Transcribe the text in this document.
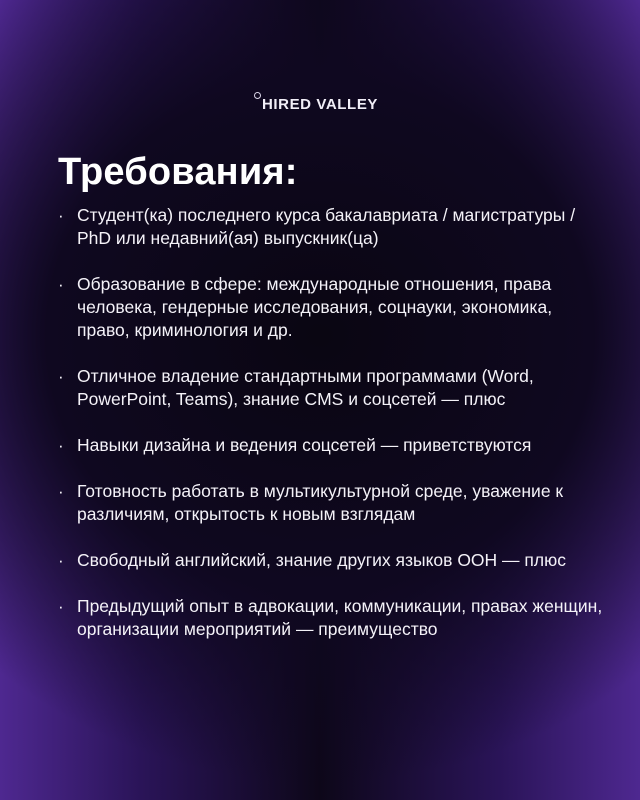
HIRED VALLEY
Требования:
· Студент(ка) последнего курса бакалавриата / магистратуры / PhD или недавний(ая) выпускник(ца)
· Образование в сфере: международные отношения, права человека, гендерные исследования, соцнауки, экономика, право, криминология и др.
· Отличное владение стандартными программами (Word, PowerPoint, Teams), знание CMS и соцсетей — плюс
· Навыки дизайна и ведения соцсетей — приветствуются
· Готовность работать в мультикультурной среде, уважение к различиям, открытость к новым взглядам
· Свободный английский, знание других языков ООН — плюс
· Предыдущий опыт в адвокации, коммуникации, правах женщин, организации мероприятий — преимущество
